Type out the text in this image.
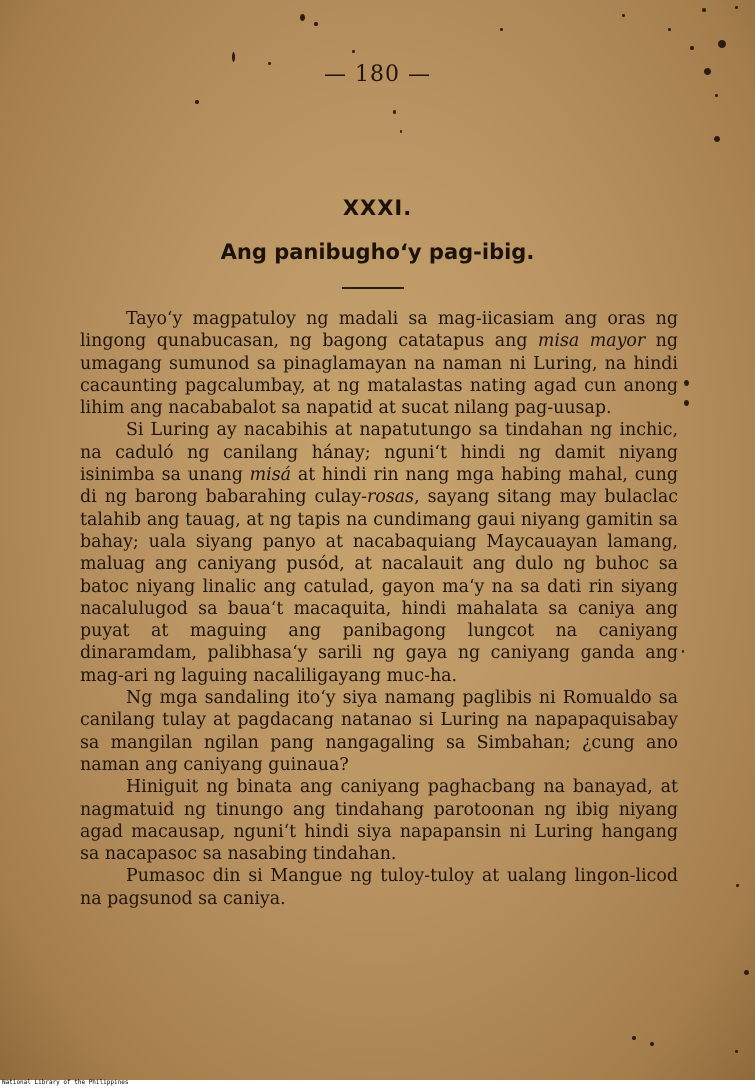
— 180 —
XXXI.
Ang panibugho‘y pag-ibig.

Tayo‘y magpatuloy ng madali sa mag-iicasiam ang oras ng lingong qunabucasan, ng bagong catatapus ang misa mayor ng umagang sumunod sa pinaglamayan na naman ni Luring, na hindi cacaunting pagcalumbay, at ng matalastas nating agad cun anong lihim ang nacababalot sa napatid at sucat nilang pag-uusap.

Si Luring ay nacabihis at napatutungo sa tindahan ng inchic, na caduló ng canilang hánay; nguni‘t hindi ng damit niyang isinimba sa unang misá at hindi rin nang mga habing mahal, cung di ng barong babarahing culay-rosas, sayang sitang may bulaclac talahib ang tauag, at ng tapis na cundimang gaui niyang gamitin sa bahay; uala siyang panyo at nacabaquiang Maycauayan lamang, maluag ang caniyang pusód, at nacalauit ang dulo ng buhoc sa batoc niyang linalic ang catulad, gayon ma‘y na sa dati rin siyang nacalulugod sa baua‘t macaquita, hindi mahalata sa caniya ang puyat at maguing ang panibagong lungcot na caniyang dinaramdam, palibhasa‘y sarili ng gaya ng caniyang ganda ang mag-ari ng laguing nacaliligayang muc-ha.

Ng mga sandaling ito‘y siya namang paglibis ni Romualdo sa canilang tulay at pagdacang natanao si Luring na napapaquisabay sa mangilan ngilan pang nangagaling sa Simbahan; ¿cung ano naman ang caniyang guinaua?

Hiniguit ng binata ang caniyang paghacbang na banayad, at nagmatuid ng tinungo ang tindahang parotoonan ng ibig niyang agad macausap, nguni‘t hindi siya napapansin ni Luring hangang sa nacapasoc sa nasabing tindahan.

Pumasoc din si Mangue ng tuloy-tuloy at ualang lingon-licod na pagsunod sa caniya.

National Library of the Philippines
